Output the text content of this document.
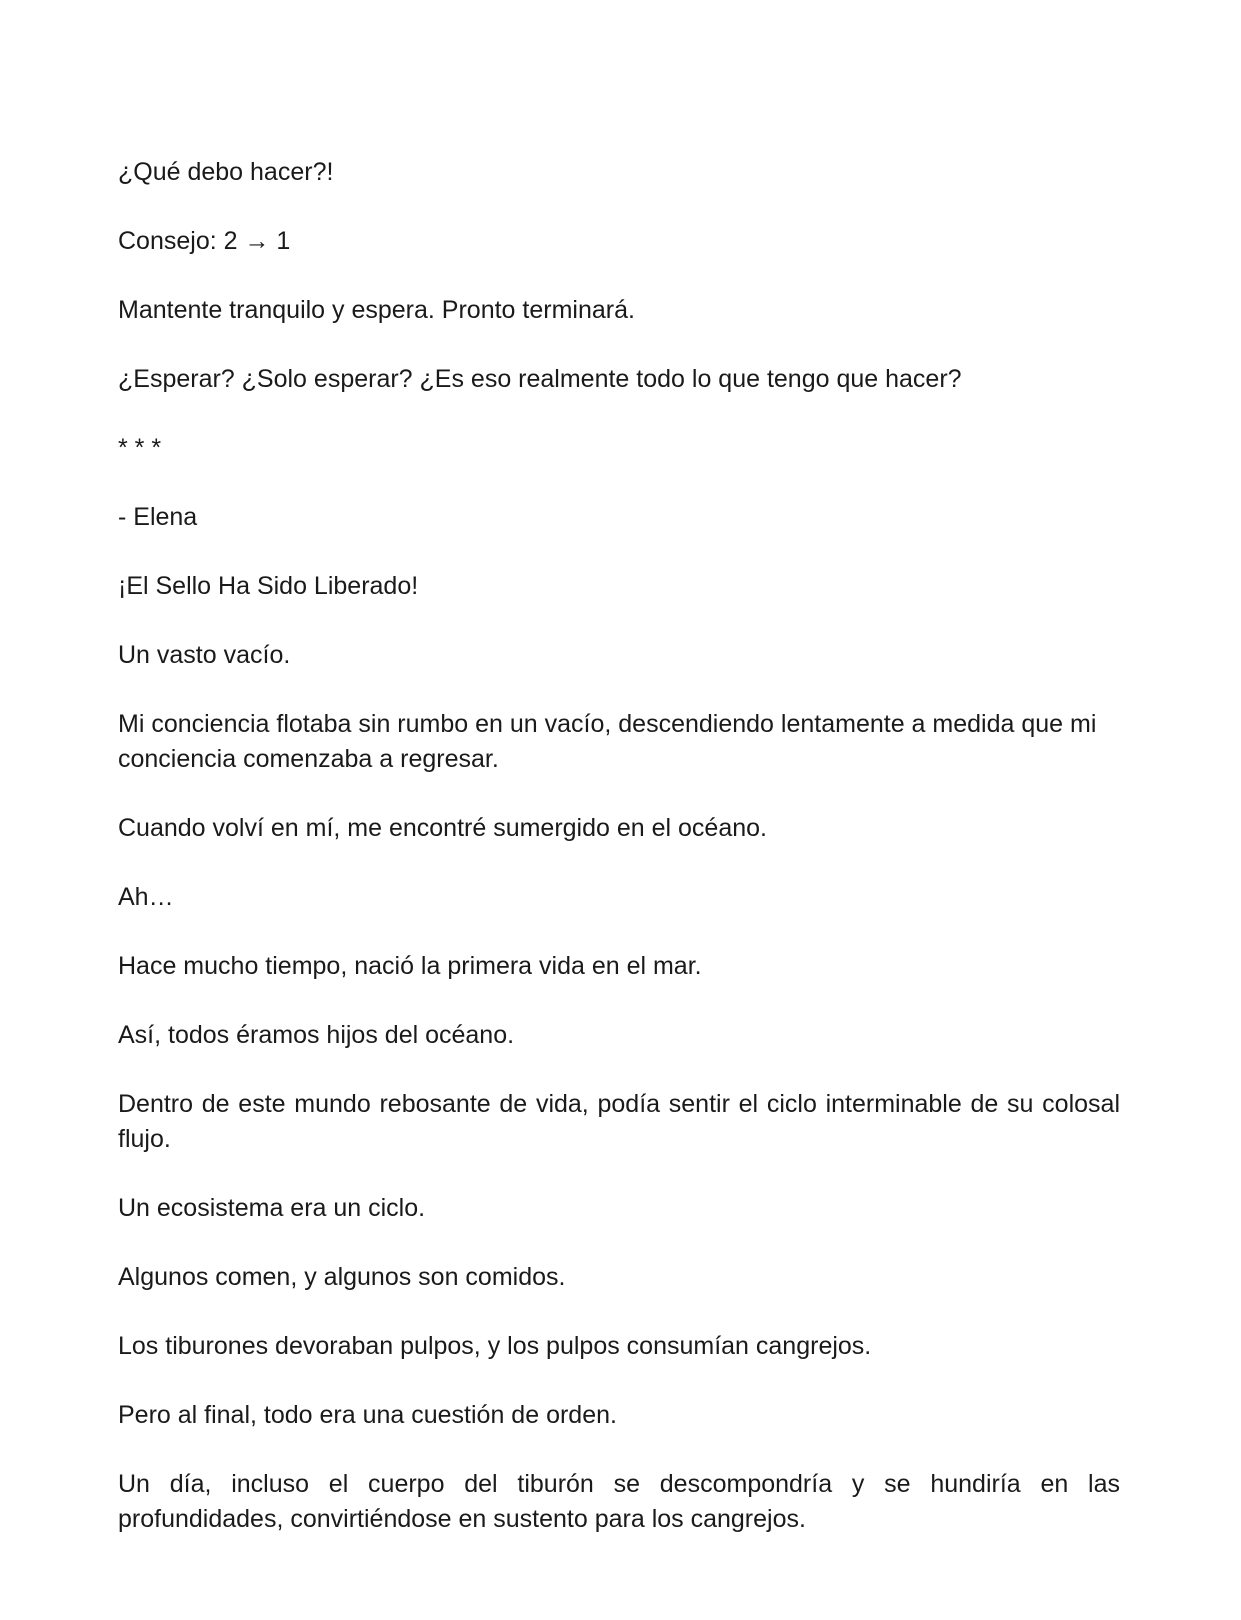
¿Qué debo hacer?!

Consejo: 2 → 1

Mantente tranquilo y espera. Pronto terminará.

¿Esperar? ¿Solo esperar? ¿Es eso realmente todo lo que tengo que hacer?

* * *

- Elena

¡El Sello Ha Sido Liberado!

Un vasto vacío.

Mi conciencia flotaba sin rumbo en un vacío, descendiendo lentamente a medida que mi conciencia comenzaba a regresar.

Cuando volví en mí, me encontré sumergido en el océano.

Ah…

Hace mucho tiempo, nació la primera vida en el mar.

Así, todos éramos hijos del océano.

Dentro de este mundo rebosante de vida, podía sentir el ciclo interminable de su colosal flujo.

Un ecosistema era un ciclo.

Algunos comen, y algunos son comidos.

Los tiburones devoraban pulpos, y los pulpos consumían cangrejos.

Pero al final, todo era una cuestión de orden.

Un día, incluso el cuerpo del tiburón se descompondría y se hundiría en las profundidades, convirtiéndose en sustento para los cangrejos.
